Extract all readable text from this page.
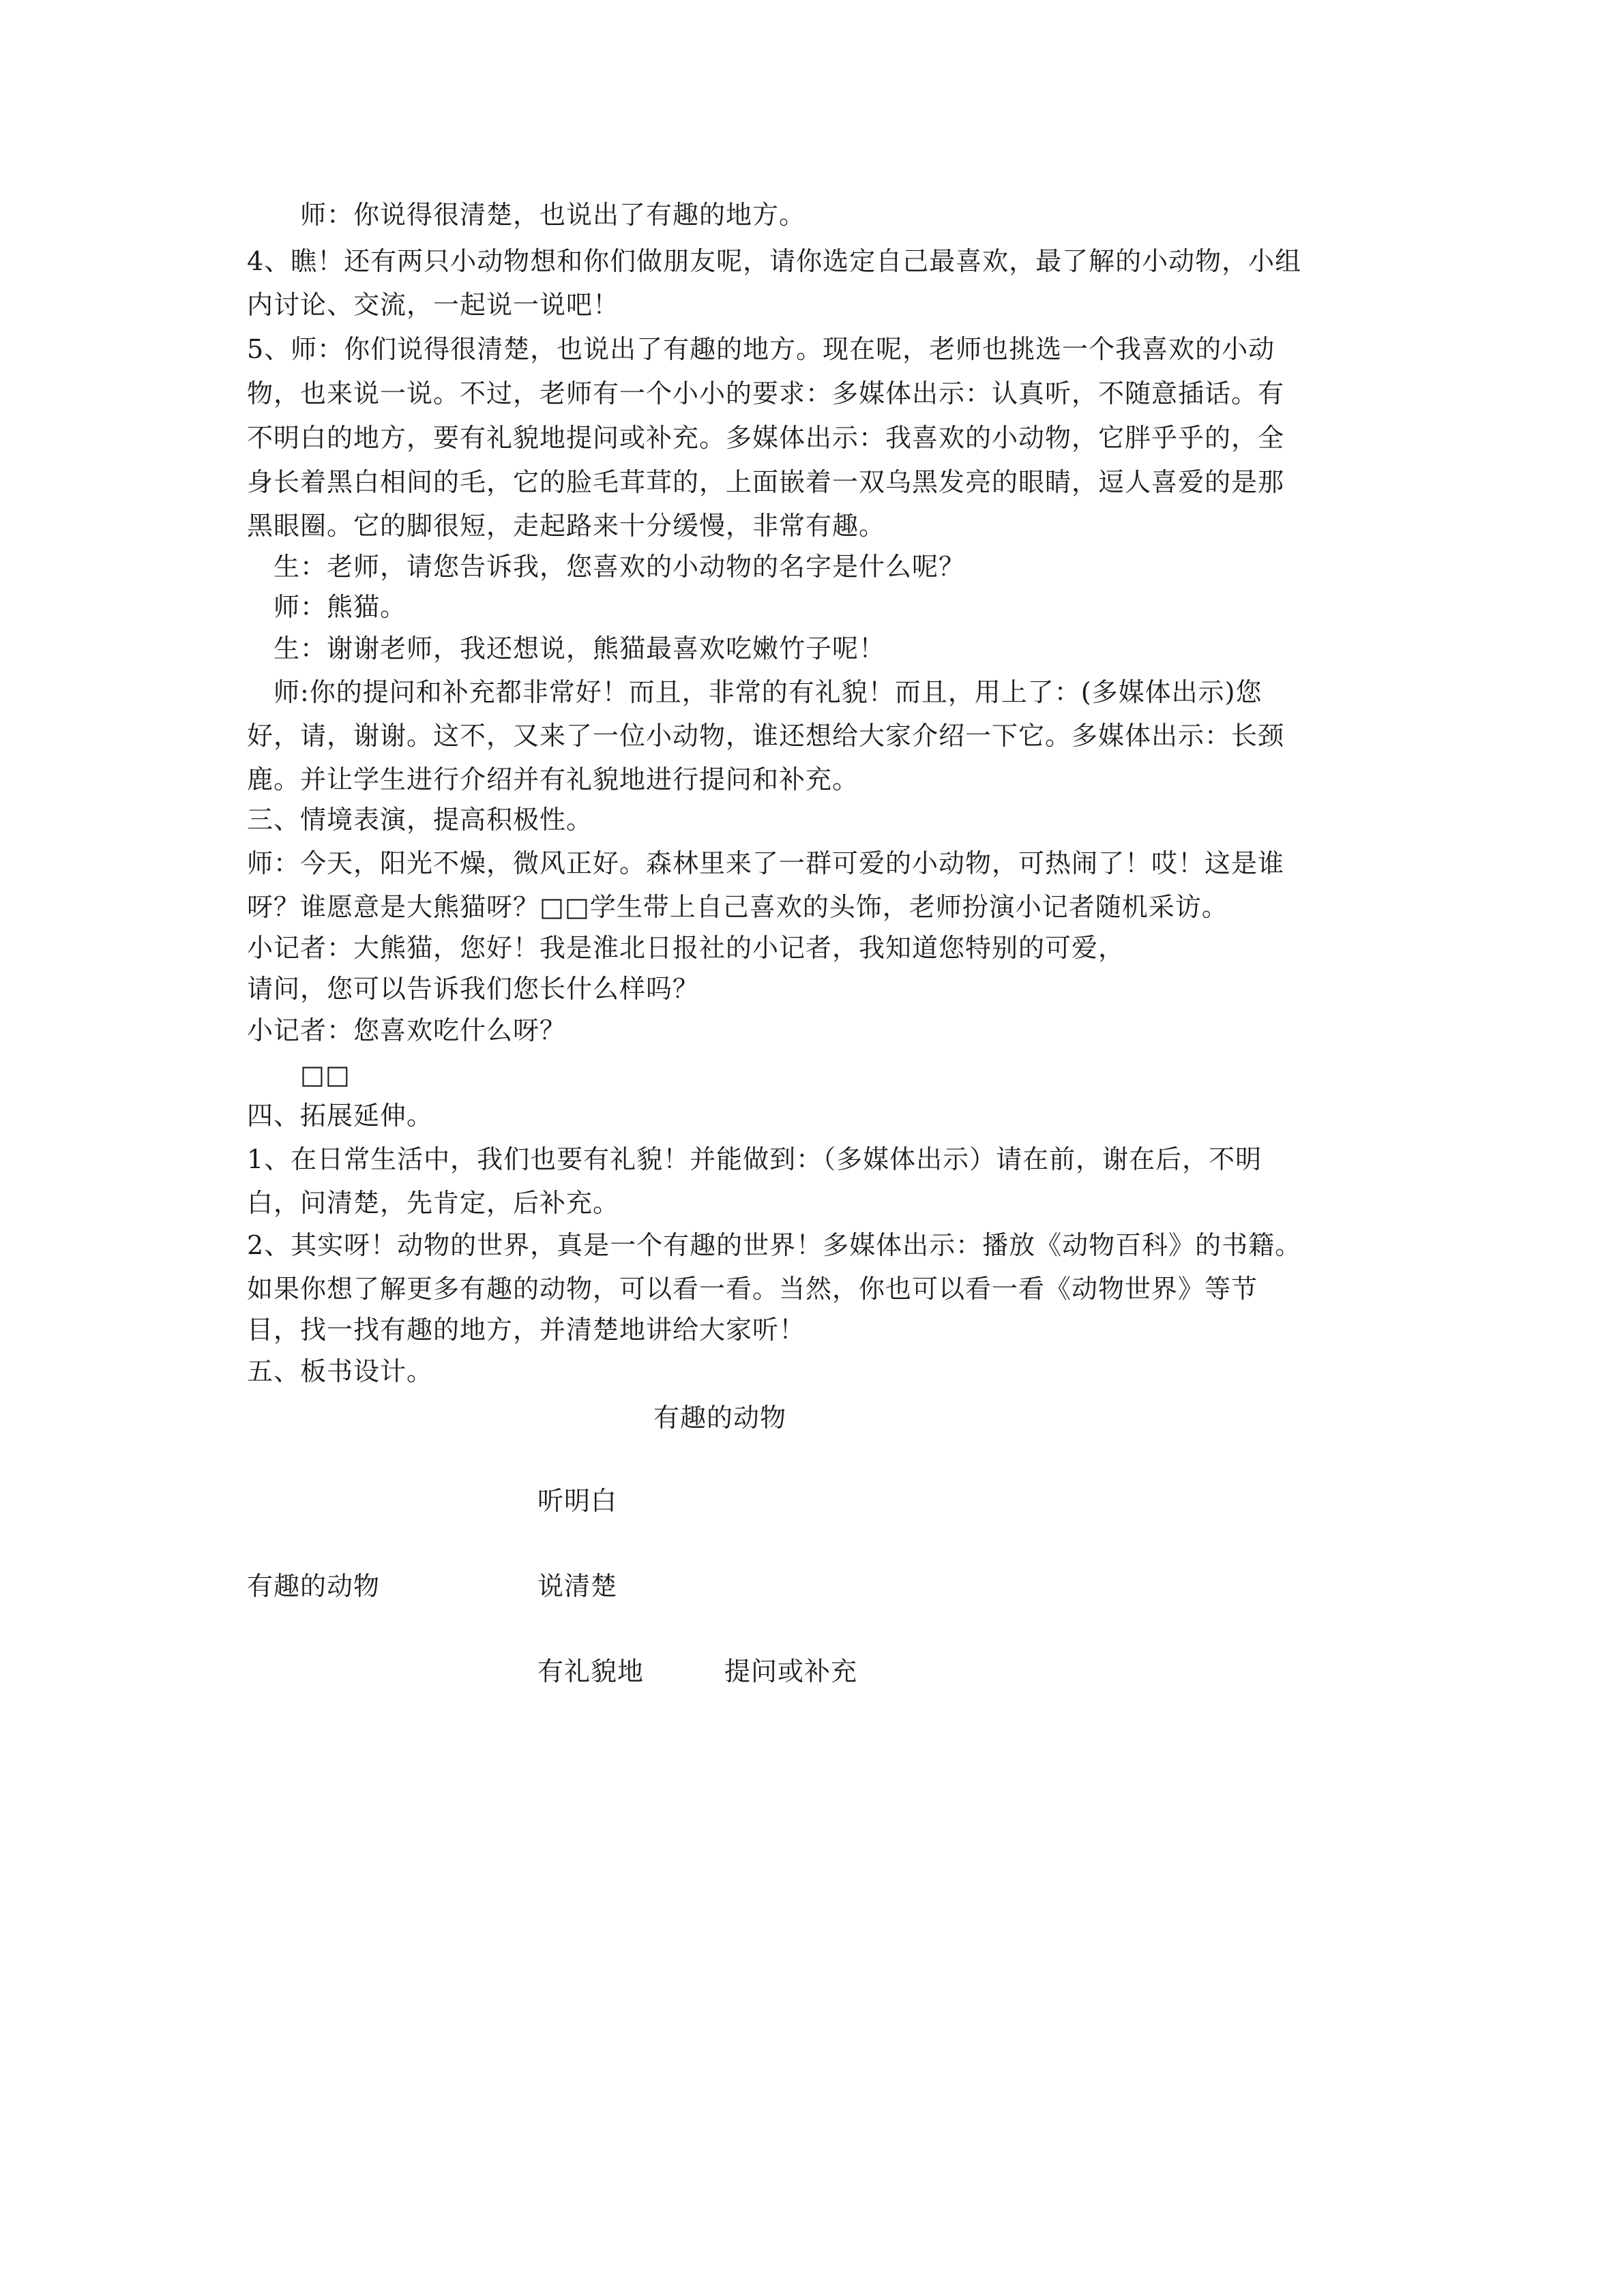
　　师：你说得很清楚，也说出了有趣的地方。
4、瞧！还有两只小动物想和你们做朋友呢，请你选定自己最喜欢，最了解的小动物，小组
内讨论、交流，一起说一说吧！
5、师：你们说得很清楚，也说出了有趣的地方。现在呢，老师也挑选一个我喜欢的小动
物，也来说一说。不过，老师有一个小小的要求：多媒体出示：认真听，不随意插话。有
不明白的地方，要有礼貌地提问或补充。多媒体出示：我喜欢的小动物，它胖乎乎的，全
身长着黑白相间的毛，它的脸毛茸茸的，上面嵌着一双乌黑发亮的眼睛，逗人喜爱的是那
黑眼圈。它的脚很短，走起路来十分缓慢，非常有趣。
　生：老师，请您告诉我，您喜欢的小动物的名字是什么呢？
　师：熊猫。
　生：谢谢老师，我还想说，熊猫最喜欢吃嫩竹子呢！
　师:你的提问和补充都非常好！而且，非常的有礼貌！而且，用上了：(多媒体出示)您
好，请，谢谢。这不，又来了一位小动物，谁还想给大家介绍一下它。多媒体出示：长颈
鹿。并让学生进行介绍并有礼貌地进行提问和补充。
三、情境表演，提高积极性。
师：今天，阳光不燥，微风正好。森林里来了一群可爱的小动物，可热闹了！哎！这是谁
呀？谁愿意是大熊猫呀？□□学生带上自己喜欢的头饰，老师扮演小记者随机采访。
小记者：大熊猫，您好！我是淮北日报社的小记者，我知道您特别的可爱，
请问，您可以告诉我们您长什么样吗？
小记者：您喜欢吃什么呀？
　　□□
四、拓展延伸。
1、在日常生活中，我们也要有礼貌！并能做到：（多媒体出示）请在前，谢在后，不明
白，问清楚，先肯定，后补充。
2、其实呀！动物的世界，真是一个有趣的世界！多媒体出示：播放《动物百科》的书籍。
如果你想了解更多有趣的动物，可以看一看。当然，你也可以看一看《动物世界》等节
目，找一找有趣的地方，并清楚地讲给大家听！
五、板书设计。
有趣的动物
听明白
有趣的动物	说清楚
有礼貌地	提问或补充
